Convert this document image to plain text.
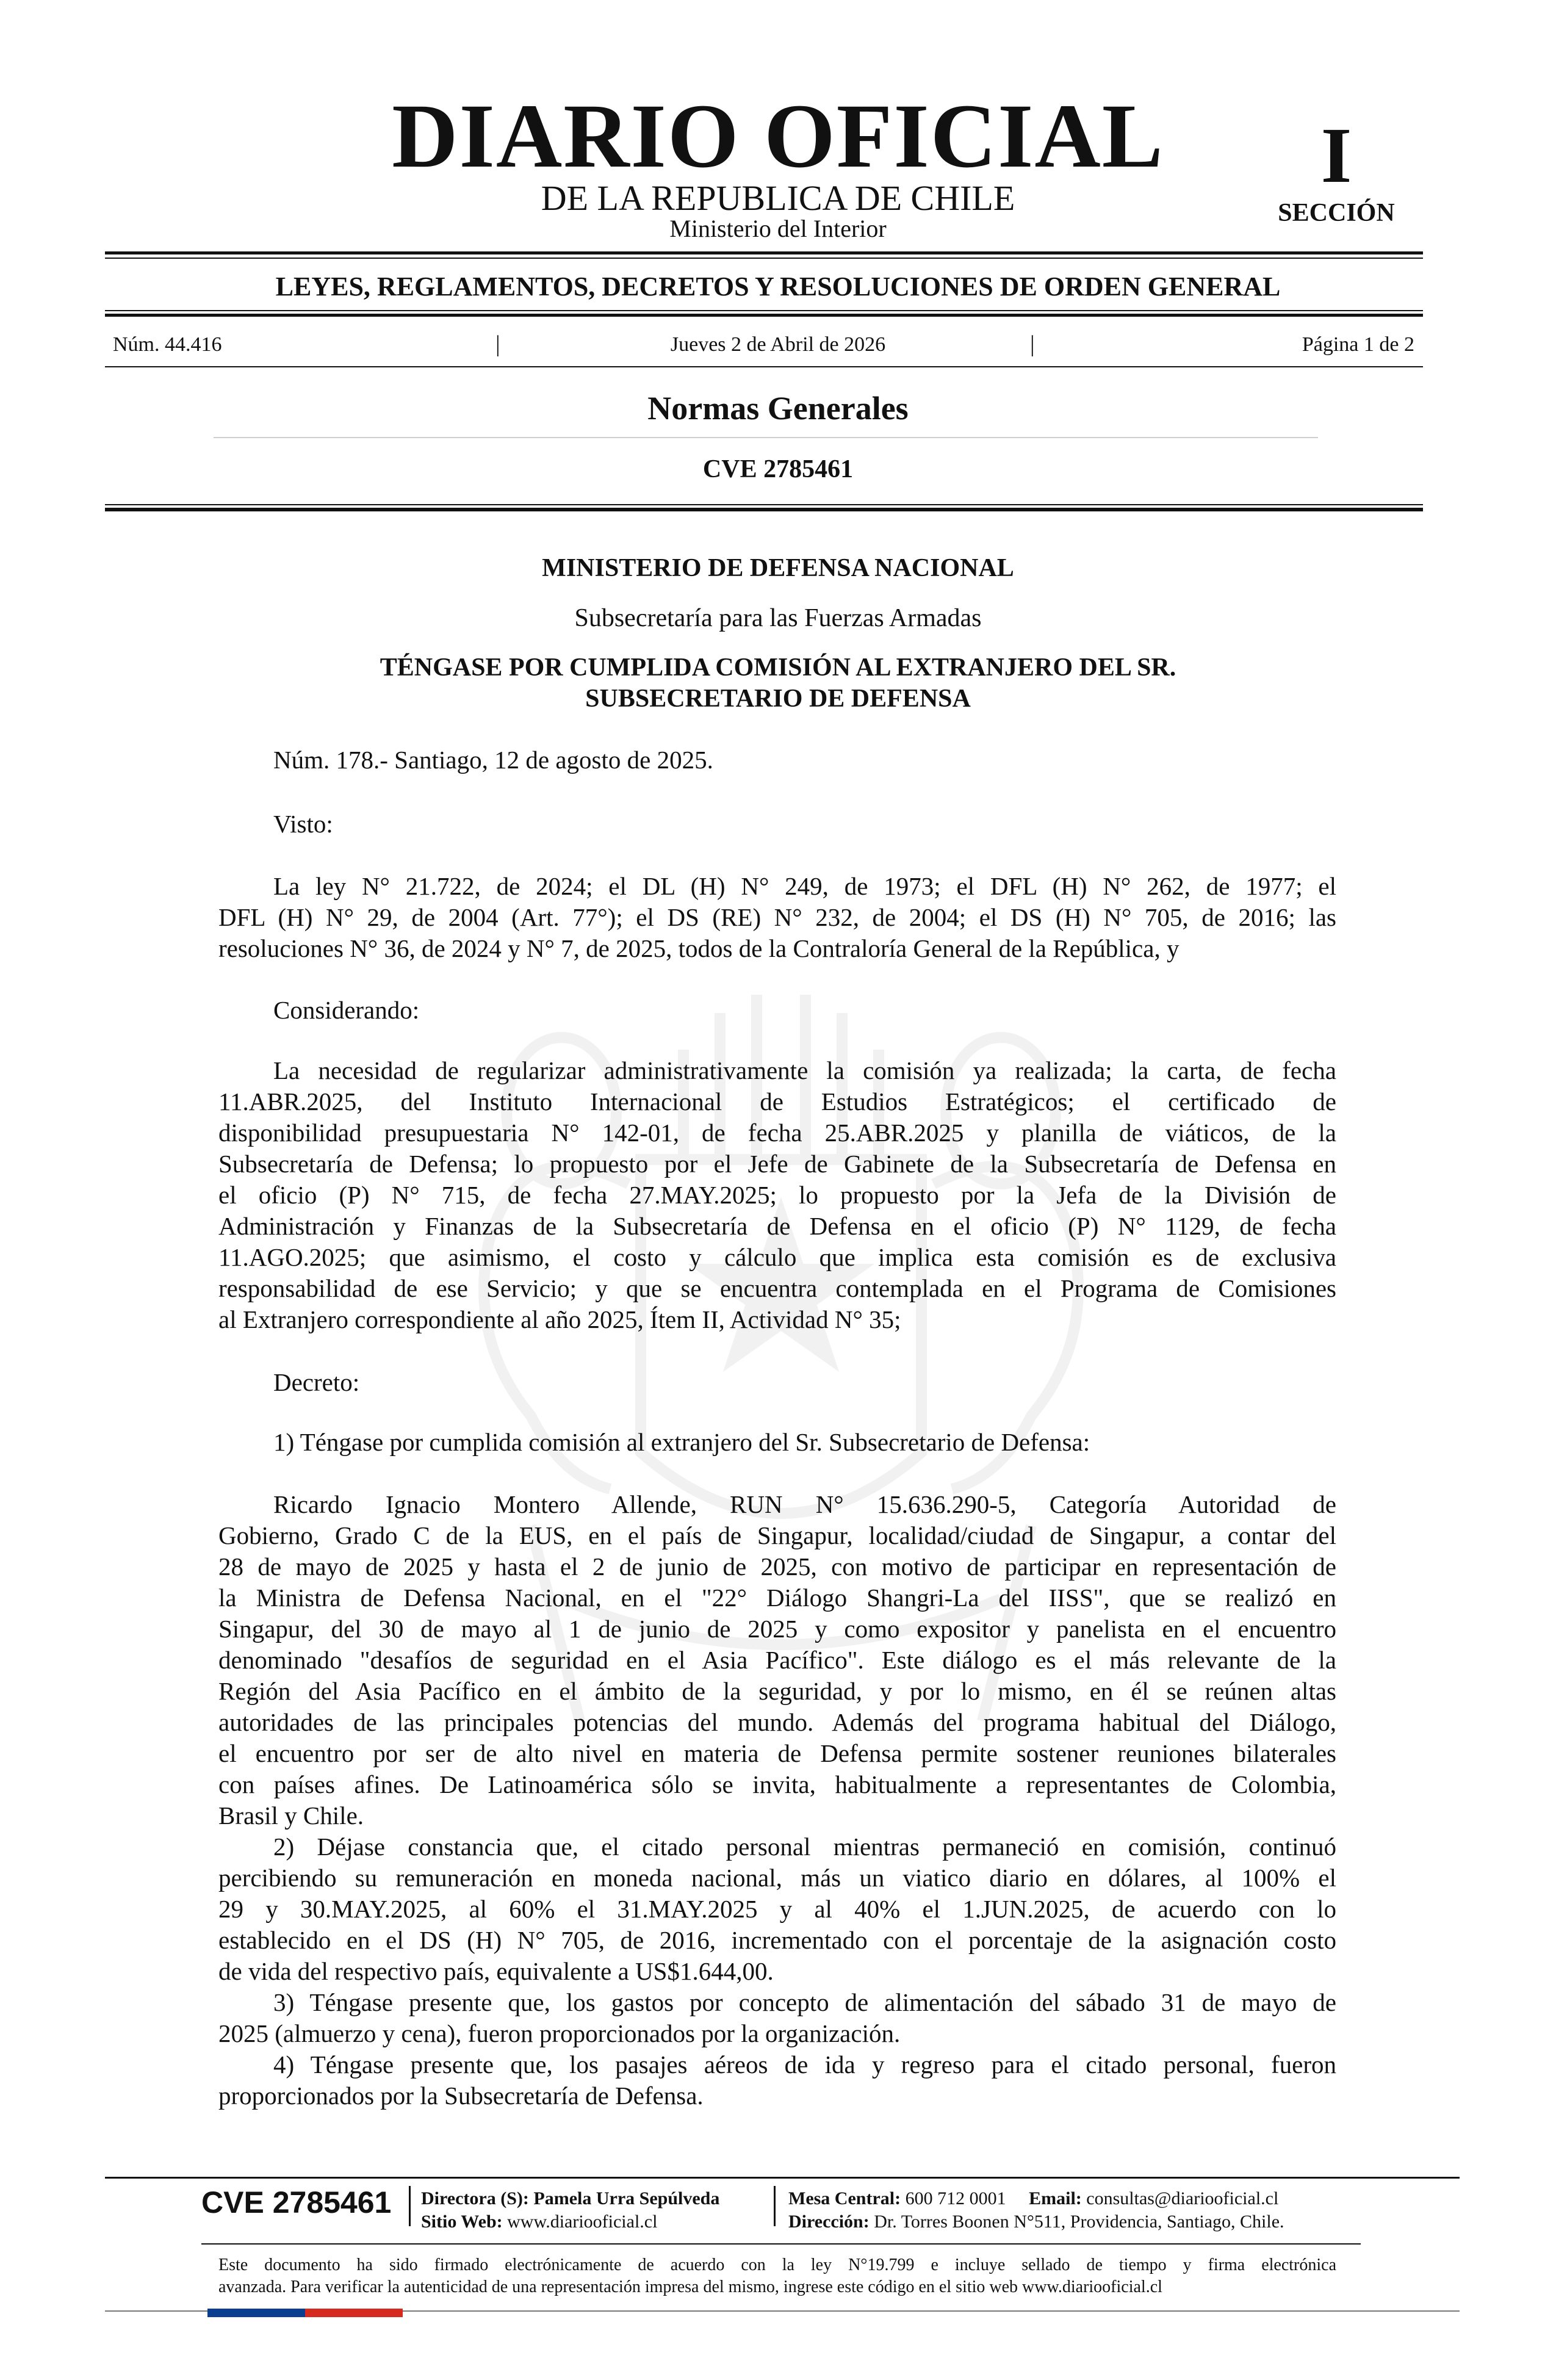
DIARIO OFICIAL
DE LA REPUBLICA DE CHILE
Ministerio del Interior
I
SECCIÓN
LEYES, REGLAMENTOS, DECRETOS Y RESOLUCIONES DE ORDEN GENERAL
Núm. 44.416	|	Jueves 2 de Abril de 2026	|	Página 1 de 2
Normas Generales
CVE 2785461
MINISTERIO DE DEFENSA NACIONAL
Subsecretaría para las Fuerzas Armadas
TÉNGASE POR CUMPLIDA COMISIÓN AL EXTRANJERO DEL SR.
SUBSECRETARIO DE DEFENSA
Núm. 178.- Santiago, 12 de agosto de 2025.
Visto:
La ley N° 21.722, de 2024; el DL (H) N° 249, de 1973; el DFL (H) N° 262, de 1977; el
DFL (H) N° 29, de 2004 (Art. 77°); el DS (RE) N° 232, de 2004; el DS (H) N° 705, de 2016; las
resoluciones N° 36, de 2024 y N° 7, de 2025, todos de la Contraloría General de la República, y
Considerando:
La necesidad de regularizar administrativamente la comisión ya realizada; la carta, de fecha
11.ABR.2025, del Instituto Internacional de Estudios Estratégicos; el certificado de
disponibilidad presupuestaria N° 142-01, de fecha 25.ABR.2025 y planilla de viáticos, de la
Subsecretaría de Defensa; lo propuesto por el Jefe de Gabinete de la Subsecretaría de Defensa en
el oficio (P) N° 715, de fecha 27.MAY.2025; lo propuesto por la Jefa de la División de
Administración y Finanzas de la Subsecretaría de Defensa en el oficio (P) N° 1129, de fecha
11.AGO.2025; que asimismo, el costo y cálculo que implica esta comisión es de exclusiva
responsabilidad de ese Servicio; y que se encuentra contemplada en el Programa de Comisiones
al Extranjero correspondiente al año 2025, Ítem II, Actividad N° 35;
Decreto:
1) Téngase por cumplida comisión al extranjero del Sr. Subsecretario de Defensa:
Ricardo Ignacio Montero Allende, RUN N° 15.636.290-5, Categoría Autoridad de
Gobierno, Grado C de la EUS, en el país de Singapur, localidad/ciudad de Singapur, a contar del
28 de mayo de 2025 y hasta el 2 de junio de 2025, con motivo de participar en representación de
la Ministra de Defensa Nacional, en el "22° Diálogo Shangri-La del IISS", que se realizó en
Singapur, del 30 de mayo al 1 de junio de 2025 y como expositor y panelista en el encuentro
denominado "desafíos de seguridad en el Asia Pacífico". Este diálogo es el más relevante de la
Región del Asia Pacífico en el ámbito de la seguridad, y por lo mismo, en él se reúnen altas
autoridades de las principales potencias del mundo. Además del programa habitual del Diálogo,
el encuentro por ser de alto nivel en materia de Defensa permite sostener reuniones bilaterales
con países afines. De Latinoamérica sólo se invita, habitualmente a representantes de Colombia,
Brasil y Chile.
2) Déjase constancia que, el citado personal mientras permaneció en comisión, continuó
percibiendo su remuneración en moneda nacional, más un viatico diario en dólares, al 100% el
29 y 30.MAY.2025, al 60% el 31.MAY.2025 y al 40% el 1.JUN.2025, de acuerdo con lo
establecido en el DS (H) N° 705, de 2016, incrementado con el porcentaje de la asignación costo
de vida del respectivo país, equivalente a US$1.644,00.
3) Téngase presente que, los gastos por concepto de alimentación del sábado 31 de mayo de
2025 (almuerzo y cena), fueron proporcionados por la organización.
4) Téngase presente que, los pasajes aéreos de ida y regreso para el citado personal, fueron
proporcionados por la Subsecretaría de Defensa.
CVE 2785461 Directora (S): Pamela Urra Sepúlveda
Sitio Web: www.diariooficial.cl
Mesa Central: 600 712 0001 Email: consultas@diariooficial.cl
Dirección: Dr. Torres Boonen N°511, Providencia, Santiago, Chile.
Este documento ha sido firmado electrónicamente de acuerdo con la ley N°19.799 e incluye sellado de tiempo y firma electrónica
avanzada. Para verificar la autenticidad de una representación impresa del mismo, ingrese este código en el sitio web www.diariooficial.cl
